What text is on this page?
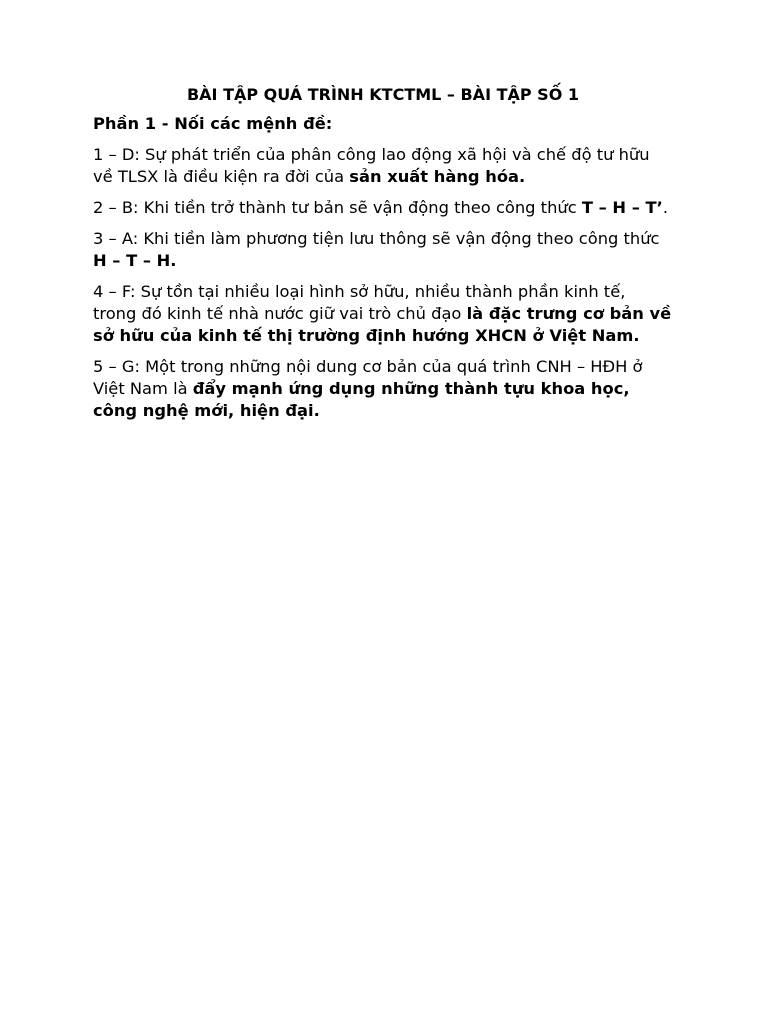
BÀI TẬP QUÁ TRÌNH KTCTML – BÀI TẬP SỐ 1

Phần 1 - Nối các mệnh đề:

1 – D: Sự phát triển của phân công lao động xã hội và chế độ tư hữu về TLSX là điều kiện ra đời của sản xuất hàng hóa.

2 – B: Khi tiền trở thành tư bản sẽ vận động theo công thức T – H – T’.

3 – A: Khi tiền làm phương tiện lưu thông sẽ vận động theo công thức H – T – H.

4 – F: Sự tồn tại nhiều loại hình sở hữu, nhiều thành phần kinh tế, trong đó kinh tế nhà nước giữ vai trò chủ đạo là đặc trưng cơ bản về sở hữu của kinh tế thị trường định hướng XHCN ở Việt Nam.

5 – G: Một trong những nội dung cơ bản của quá trình CNH – HĐH ở Việt Nam là đẩy mạnh ứng dụng những thành tựu khoa học, công nghệ mới, hiện đại.
